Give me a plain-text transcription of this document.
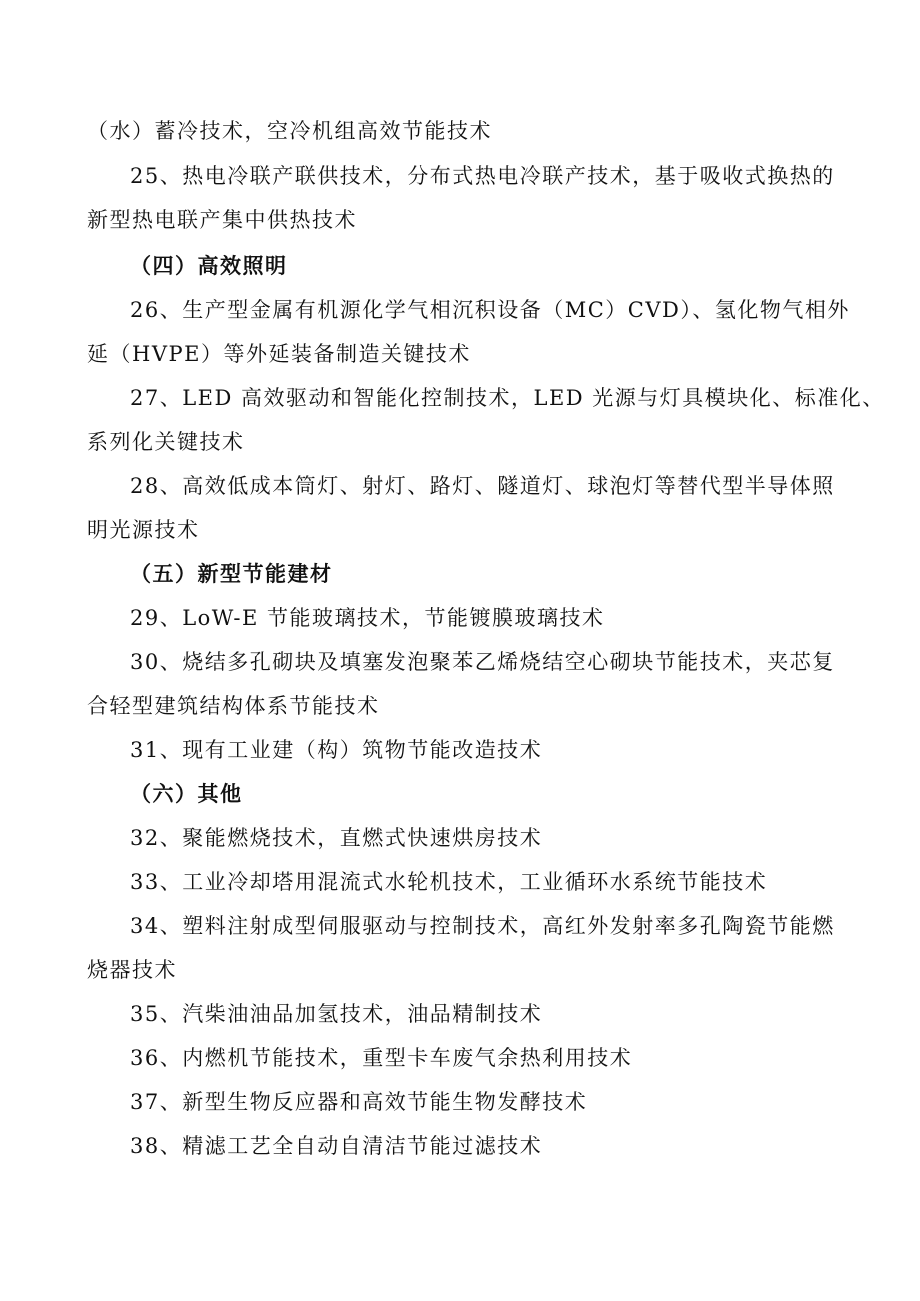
（水）蓄冷技术，空冷机组高效节能技术
25、热电冷联产联供技术，分布式热电冷联产技术，基于吸收式换热的
新型热电联产集中供热技术
（四）高效照明
26、生产型金属有机源化学气相沉积设备（MC）CVD）、氢化物气相外
延（HVPE）等外延装备制造关键技术
27、LED 高效驱动和智能化控制技术，LED 光源与灯具模块化、标准化、
系列化关键技术
28、高效低成本筒灯、射灯、路灯、隧道灯、球泡灯等替代型半导体照
明光源技术
（五）新型节能建材
29、LoW-E 节能玻璃技术，节能镀膜玻璃技术
30、烧结多孔砌块及填塞发泡聚苯乙烯烧结空心砌块节能技术，夹芯复
合轻型建筑结构体系节能技术
31、现有工业建（构）筑物节能改造技术
（六）其他
32、聚能燃烧技术，直燃式快速烘房技术
33、工业冷却塔用混流式水轮机技术，工业循环水系统节能技术
34、塑料注射成型伺服驱动与控制技术，高红外发射率多孔陶瓷节能燃
烧器技术
35、汽柴油油品加氢技术，油品精制技术
36、内燃机节能技术，重型卡车废气余热利用技术
37、新型生物反应器和高效节能生物发酵技术
38、精滤工艺全自动自清洁节能过滤技术
